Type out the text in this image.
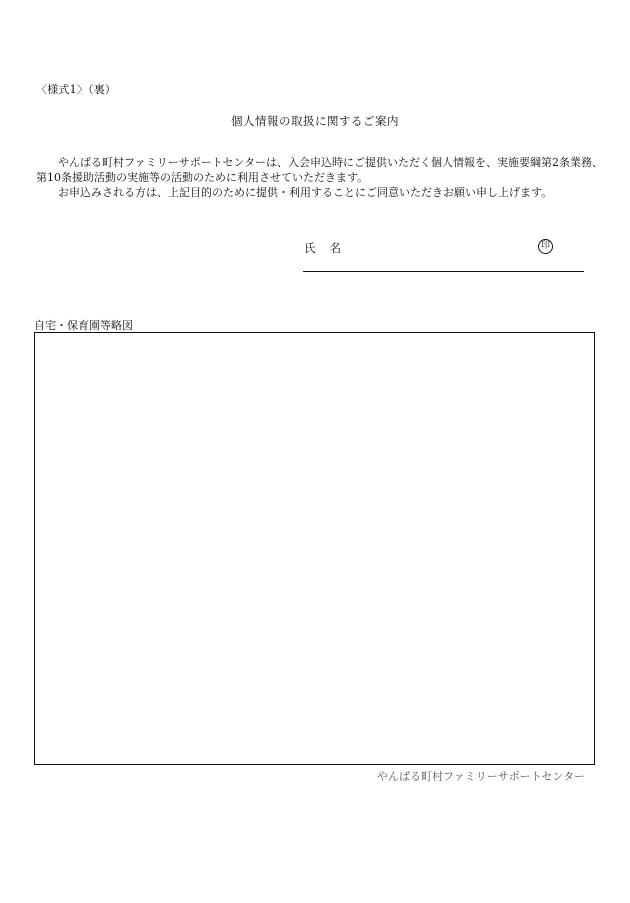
〈様式1〉（裏）
個人情報の取扱に関するご案内

やんばる町村ファミリーサポートセンターは、入会申込時にご提供いただく個人情報を、実施要綱第2条業務、第10条援助活動の実施等の活動のために利用させていただきます。

お申込みされる方は、上記目的のために提供・利用することにご同意いただきお願い申し上げます。

氏名	印
自宅・保育園等略図
やんばる町村ファミリーサポートセンター
